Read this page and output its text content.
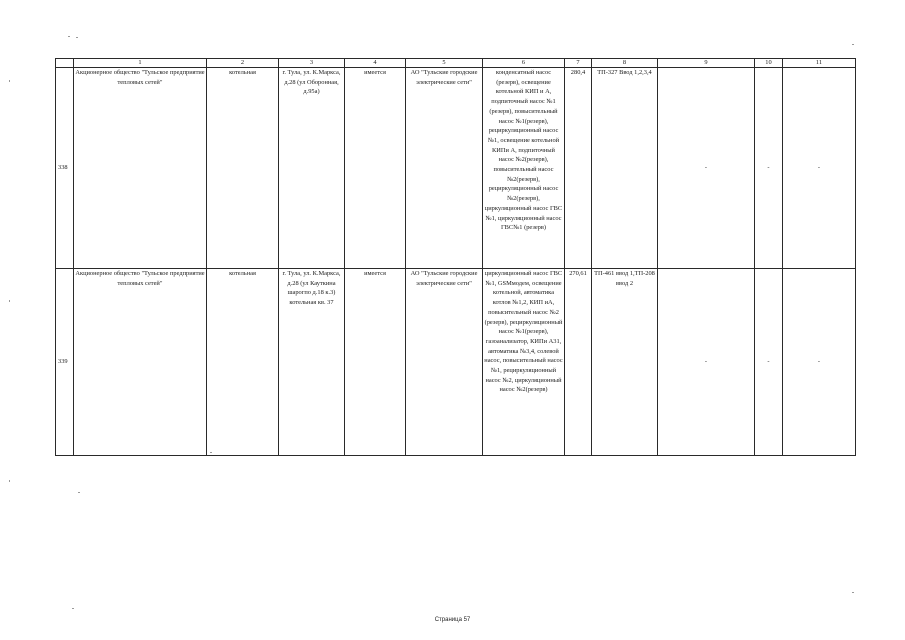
	1	2	3	4	5	6	7	8	9	10	11
338	Акционерное общество "Тульское предприятие тепловых сетей"	котельная	г. Тула, ул. К.Маркса, д.28 (ул Оборонная, д.95а)	имеется	АО "Тульские городские электрические сети"	конденсатный насос (резерв), освещение котельной КИП и А, подпиточный насос №1 (резерв), повысительный насос №1(резерв), рециркуляционный насос №1, освещение котельной КИПи А, подпиточный насос №2(резерв), повысительный насос №2(резерв), рециркуляционный насос №2(резерв), циркуляционный насос ГВС №1, циркуляционный насос ГВС№1 (резерв)	280,4	ТП-327 Ввод 1,2,3,4	-	-	-
339	Акционерное общество "Тульское предприятие тепловых сетей"	котельная	г. Тула, ул. К.Маркса, д.28 (ул Кауткина шарогпо д.18 к.3) котельная кв. 37	имеется	АО "Тульские городские электрические сети"	циркуляционный насос ГВС №1, GSMмодем, освещение котельной, автоматика котлов №1,2, КИП иА, повысительный насос №2 (резерв), рециркуляционный насос №1(резерв), газоанализатор, КИПи А31, автоматика №3,4, солевой насос, повысительный насос №1, рециркуляционный насос №2, циркуляционный насос №2(резерв)	270,61	ТП-461 ввод 1,ТП-208 ввод 2	-	-	-
Страница 57
